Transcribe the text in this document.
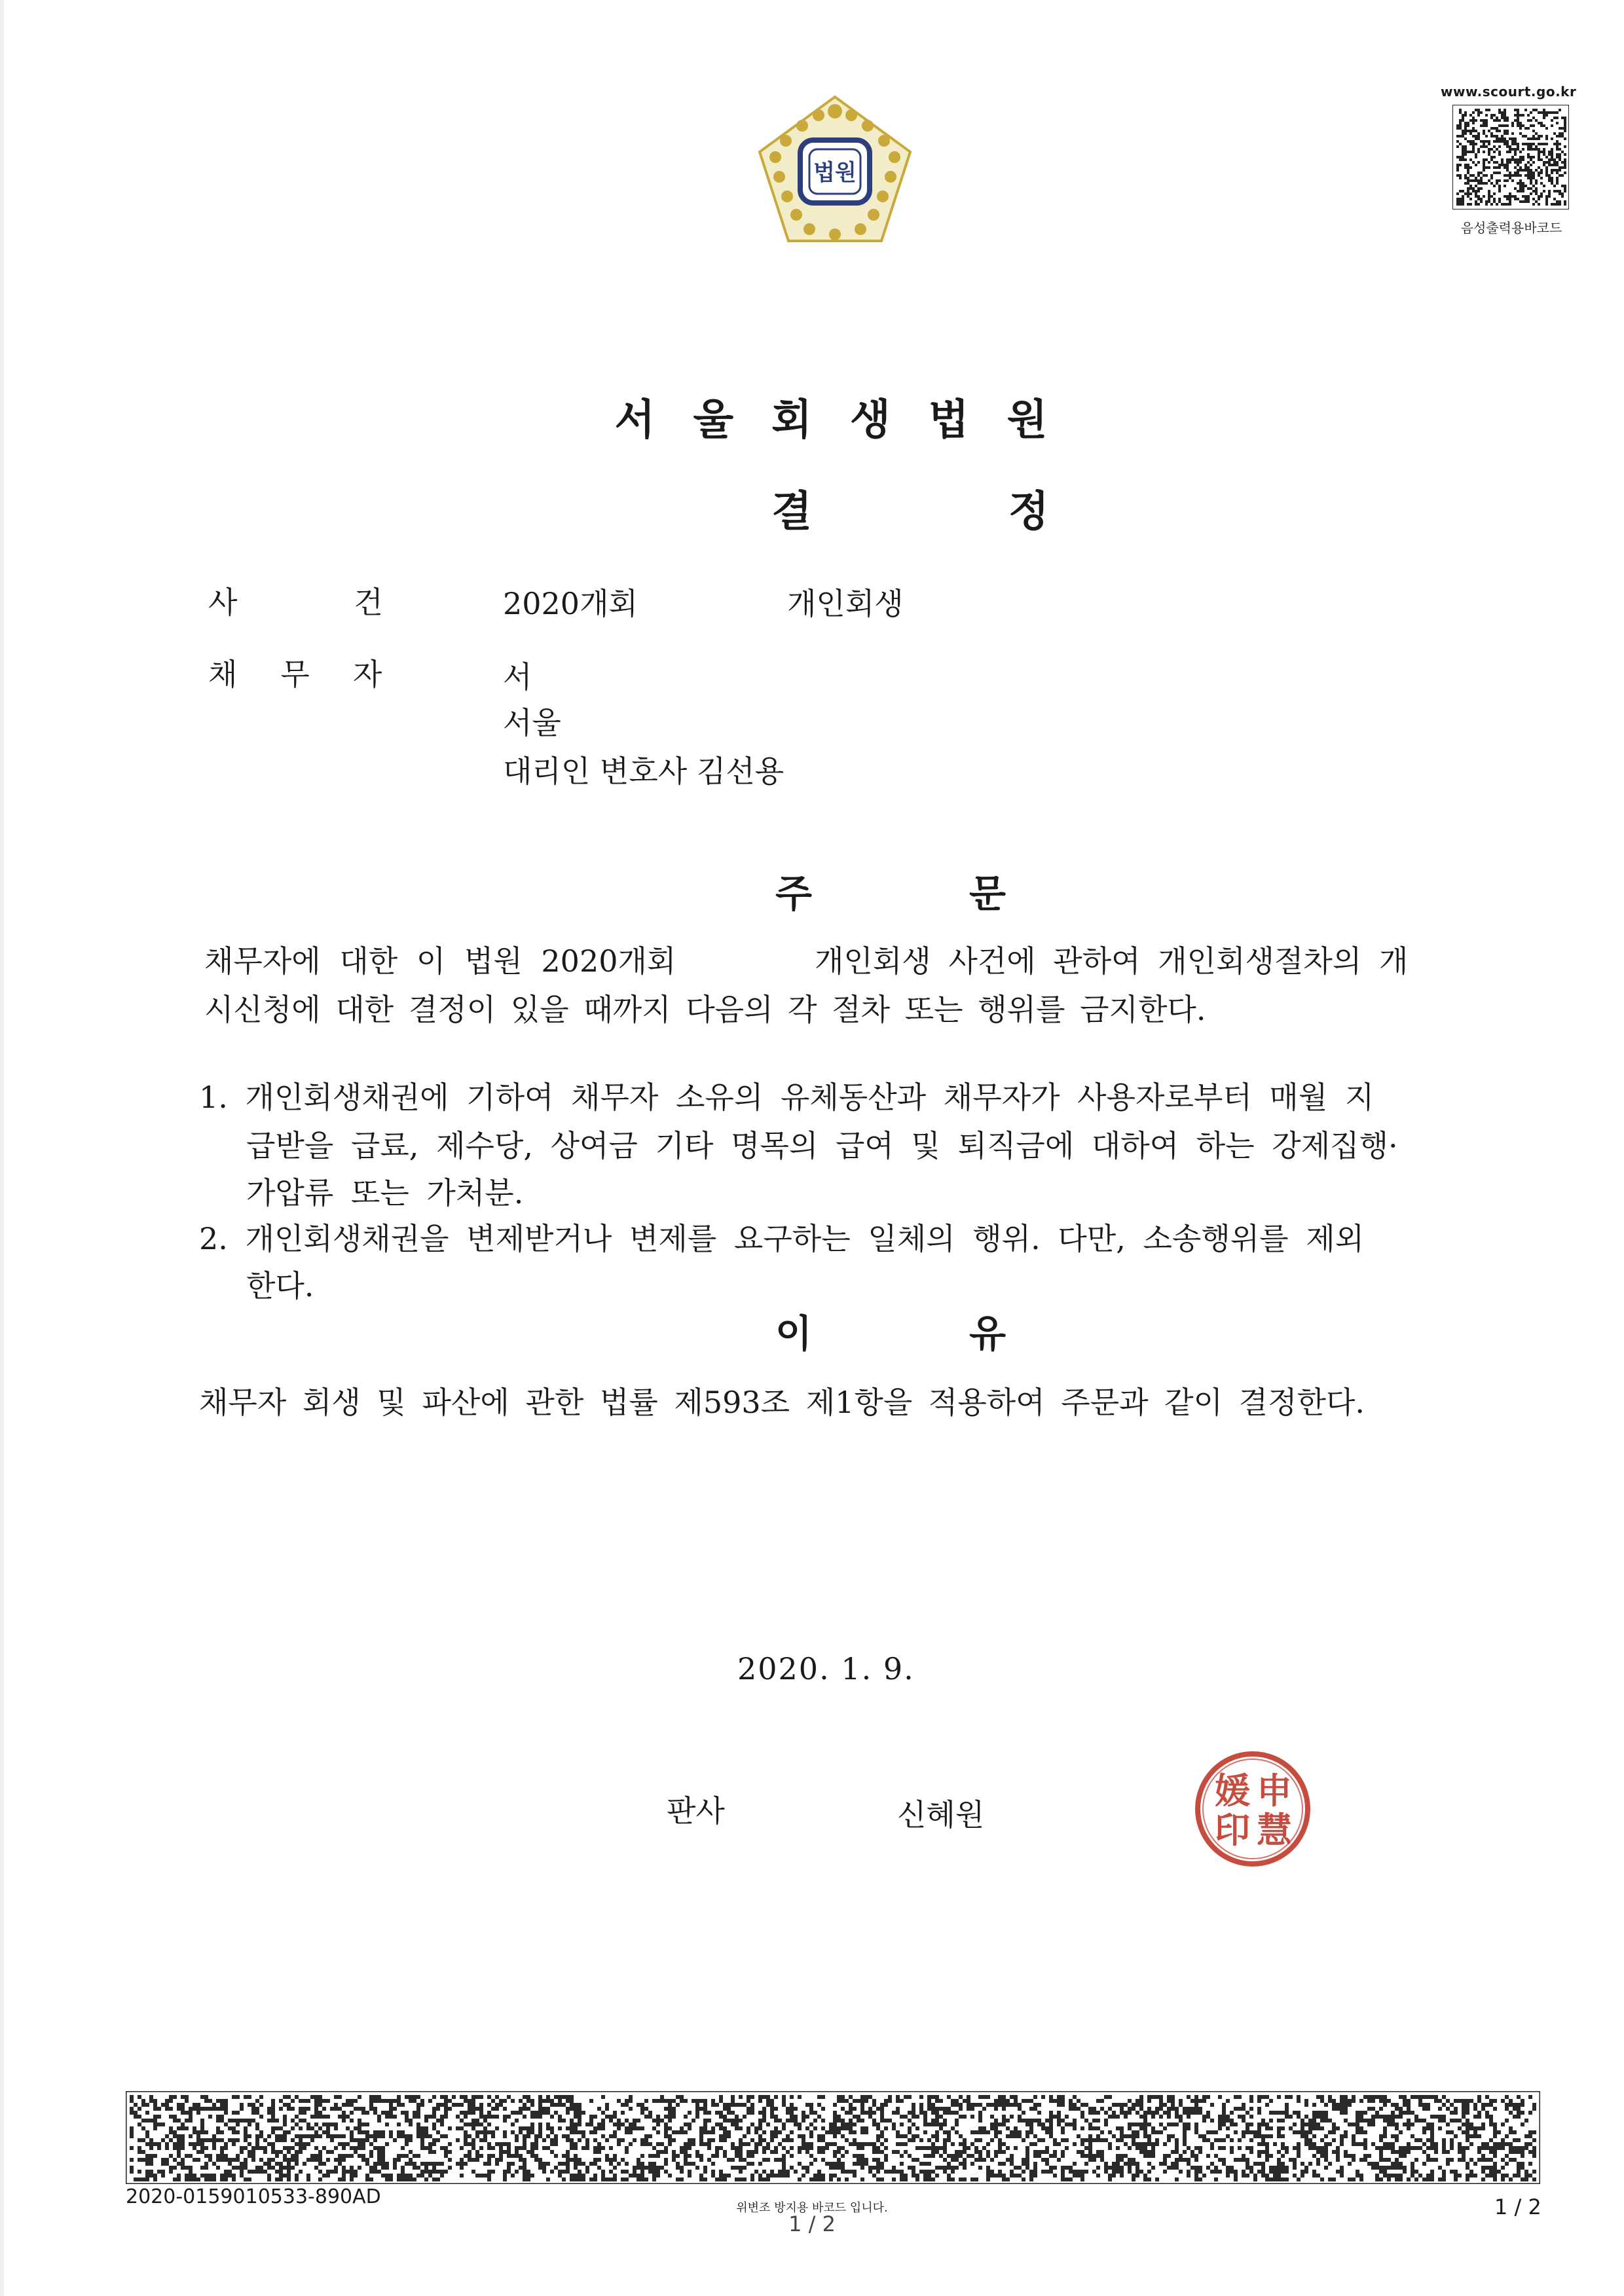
법원
www.scourt.go.kr
음성출력용바코드
서울회생법원
결정
사건 2020개회	개인회생
채무자	서
서울
대리인 변호사 김선용
주문
채무자에 대한 이 법원 2020개회	개인회생 사건에 관하여 개인회생절차의 개
시신청에 대한 결정이 있을 때까지 다음의 각 절차 또는 행위를 금지한다.
1. 개인회생채권에 기하여 채무자 소유의 유체동산과 채무자가 사용자로부터 매월 지
급받을 급료, 제수당, 상여금 기타 명목의 급여 및 퇴직금에 대하여 하는 강제집행·
가압류 또는 가처분.
2. 개인회생채권을 변제받거나 변제를 요구하는 일체의 행위. 다만, 소송행위를 제외
한다.
이유
채무자 회생 및 파산에 관한 법률 제593조 제1항을 적용하여 주문과 같이 결정한다.
2020. 1. 9.
판사	신혜원
申
慧
媛
印
2020-0159010533-890AD	위변조 방지용 바코드 입니다.
1 / 2
1 / 2
